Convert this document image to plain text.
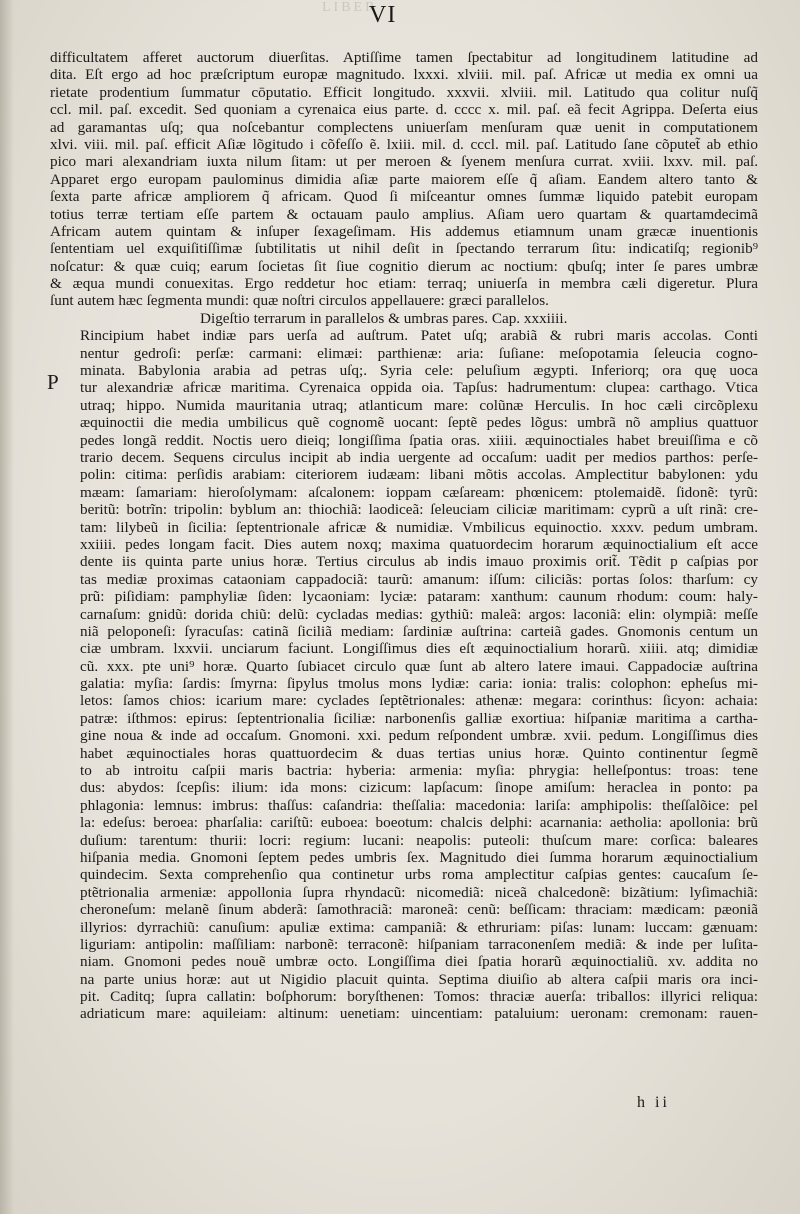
LIBER
VI
difficultatem afferet auctorum diuerſitas. Aptiſſime tamen ſpectabitur ad longitudinem latitudine ad
dita. Eſt ergo ad hoc præſcriptum europæ magnitudo. lxxxi. xlviii. mil. paſ. Africæ ut media ex omni ua
rietate prodentium ſummatur cōputatio. Efficit longitudo. xxxvii. xlviii. mil. Latitudo qua colitur nuſq̃
ccl. mil. paſ. excedit. Sed quoniam a cyrenaica eius parte. d. cccc x. mil. paſ. eã fecit Agrippa. Deſerta eius
ad garamantas uſq; qua noſcebantur complectens uniuerſam menſuram quæ uenit in computationem
xlvi. viii. mil. paſ. efficit Aſiæ lõgitudo i cõfeſſo ẽ. lxiii. mil. d. cccl. mil. paſ. Latitudo ſane cõputet̃ ab ethio
pico mari alexandriam iuxta nilum ſitam: ut per meroen & ſyenem menſura currat. xviii. lxxv. mil. paſ.
Apparet ergo europam paulominus dimidia aſiæ parte maiorem eſſe q̃ aſiam. Eandem altero tanto &
ſexta parte africæ ampliorem q̃ africam. Quod ſi miſceantur omnes ſummæ liquido patebit europam
totius terræ tertiam eſſe partem & octauam paulo amplius. Aſiam uero quartam & quartamdecimã
Africam autem quintam & inſuper ſexageſimam. His addemus etiamnum unam græcæ inuentionis
ſententiam uel exquiſitiſſimæ ſubtilitatis ut nihil deſit in ſpectando terrarum ſitu: indicatiſq; regionib⁹
noſcatur: & quæ cuiq; earum ſocietas ſit ſiue cognitio dierum ac noctium: qbuſq; inter ſe pares umbræ
& æqua mundi conuexitas. Ergo reddetur hoc etiam: terraq; uniuerſa in membra cæli digeretur. Plura
ſunt autem hæc ſegmenta mundi: quæ noſtri circulos appellauere: græci parallelos.
Digeſtio terrarum in parallelos & umbras pares. Cap. xxxiiii.
Rincipium habet indiæ pars uerſa ad auſtrum. Patet uſq; arabiã & rubri maris accolas. Conti
nentur gedroſi: perſæ: carmani: elimæi: parthienæ: aria: ſuſiane: meſopotamia ſeleucia cogno-
minata. Babylonia arabia ad petras uſq;. Syria cele: peluſium ægypti. Inferiorq; ora quę uoca
tur alexandriæ africæ maritima. Cyrenaica oppida oia. Tapſus: hadrumentum: clupea: carthago. Vtica
utraq; hippo. Numida mauritania utraq; atlanticum mare: colũnæ Herculis. In hoc cæli circõplexu
æquinoctii die media umbilicus quẽ cognomẽ uocant: ſeptẽ pedes lõgus: umbrã nõ amplius quattuor
pedes longã reddit. Noctis uero dieiq; longiſſima ſpatia oras. xiiii. æquinoctiales habet breuiſſima e cõ
trario decem. Sequens circulus incipit ab india uergente ad occaſum: uadit per medios parthos: perſe-
polin: citima: perſidis arabiam: citeriorem iudæam: libani mõtis accolas. Amplectitur babylonen: ydu
mæam: ſamariam: hieroſolymam: aſcalonem: ioppam cæſaream: phœnicem: ptolemaidẽ. ſidonẽ: tyrũ:
beritũ: botrĩn: tripolin: byblum an: thiochiã: laodiceã: ſeleuciam ciliciæ maritimam: cyprũ a uſt rinã: cre-
tam: lilybeũ in ſicilia: ſeptentrionale africæ & numidiæ. Vmbilicus equinoctio. xxxv. pedum umbram.
xxiiii. pedes longam facit. Dies autem noxq; maxima quatuordecim horarum æquinoctialium eſt acce
dente iis quinta parte unius horæ. Tertius circulus ab indis imauo proximis orit̃. Tẽdit p caſpias por
tas mediæ proximas cataoniam cappadociã: taurũ: amanum: iſſum: ciliciãs: portas ſolos: tharſum: cy
prũ: piſidiam: pamphyliæ ſiden: lycaoniam: lyciæ: pataram: xanthum: caunum rhodum: coum: haly-
carnaſum: gnidũ: dorida chiũ: delũ: cycladas medias: gythiũ: maleã: argos: laconiã: elin: olympiã: meſſe
niã peloponeſi: ſyracuſas: catinã ſiciliã mediam: ſardiniæ auſtrina: carteiã gades. Gnomonis centum un
ciæ umbram. lxxvii. unciarum faciunt. Longiſſimus dies eſt æquinoctialium horarũ. xiiii. atq; dimidiæ
cũ. xxx. pte uni⁹ horæ. Quarto ſubiacet circulo quæ ſunt ab altero latere imaui. Cappadociæ auſtrina
galatia: myſia: ſardis: ſmyrna: ſipylus tmolus mons lydiæ: caria: ionia: tralis: colophon: epheſus mi-
letos: ſamos chios: icarium mare: cyclades ſeptẽtrionales: athenæ: megara: corinthus: ſicyon: achaia:
patræ: iſthmos: epirus: ſeptentrionalia ſiciliæ: narbonenſis galliæ exortiua: hiſpaniæ maritima a cartha-
gine noua & inde ad occaſum. Gnomoni. xxi. pedum reſpondent umbræ. xvii. pedum. Longiſſimus dies
habet æquinoctiales horas quattuordecim & duas tertias unius horæ. Quinto continentur ſegmẽ
to ab introitu caſpii maris bactria: hyberia: armenia: myſia: phrygia: helleſpontus: troas: tene
dus: abydos: ſcepſis: ilium: ida mons: cizicum: lapſacum: ſinope amiſum: heraclea in ponto: pa
phlagonia: lemnus: imbrus: thaſſus: caſandria: theſſalia: macedonia: lariſa: amphipolis: theſſalõice: pel
la: edeſus: beroea: pharſalia: cariſtũ: euboea: boeotum: chalcis delphi: acarnania: aetholia: apollonia: brũ
duſium: tarentum: thurii: locri: regium: lucani: neapolis: puteoli: thuſcum mare: corſica: baleares
hiſpania media. Gnomoni ſeptem pedes umbris ſex. Magnitudo diei ſumma horarum æquinoctialium
quindecim. Sexta comprehenſio qua continetur urbs roma amplectitur caſpias gentes: caucaſum ſe-
ptẽtrionalia armeniæ: appollonia ſupra rhyndacũ: nicomediã: niceã chalcedonẽ: bizãtium: lyſimachiã:
cheroneſum: melanẽ ſinum abderã: ſamothraciã: maroneã: cenũ: beſſicam: thraciam: mædicam: pæoniã
illyrios: dyrrachiũ: canuſium: apuliæ extima: campaniã: & ethruriam: piſas: lunam: luccam: gænuam:
liguriam: antipolin: maſſiliam: narbonẽ: terraconẽ: hiſpaniam tarraconenſem mediã: & inde per luſita-
niam. Gnomoni pedes nouẽ umbræ octo. Longiſſima diei ſpatia horarũ æquinoctialiũ. xv. addita no
na parte unius horæ: aut ut Nigidio placuit quinta. Septima diuiſio ab altera caſpii maris ora inci-
pit. Caditq; ſupra callatin: boſphorum: boryſthenen: Tomos: thraciæ auerſa: triballos: illyrici reliqua:
adriaticum mare: aquileiam: altinum: uenetiam: uincentiam: pataluium: ueronam: cremonam: rauen-
P
h ii
